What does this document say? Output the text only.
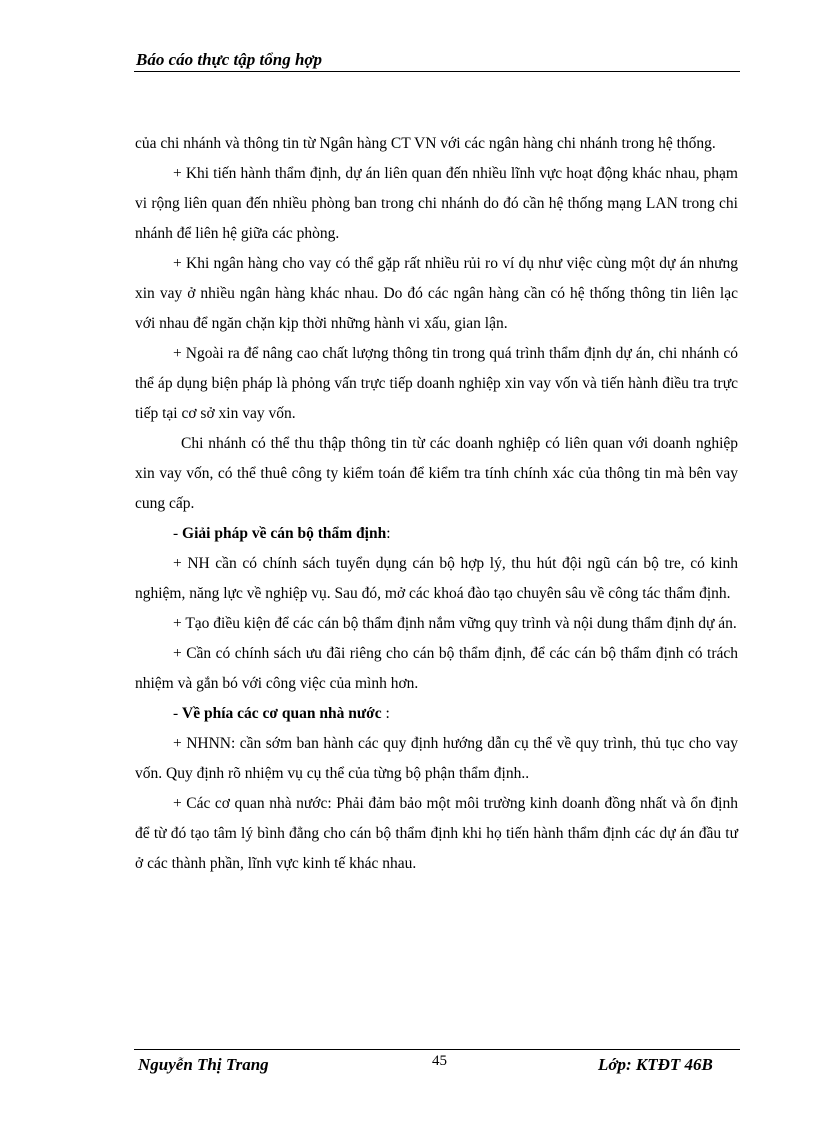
Báo cáo thực tập tổng hợp

của chi nhánh và thông tin từ Ngân hàng CT VN với các ngân hàng chi nhánh trong hệ thống.

+ Khi tiến hành thẩm định, dự án liên quan đến nhiều lĩnh vực hoạt động khác nhau, phạm vi rộng liên quan đến nhiều phòng ban trong chi nhánh do đó cần hệ thống mạng LAN trong chi nhánh để liên hệ giữa các phòng.

+ Khi ngân hàng cho vay có thể gặp rất nhiều rủi ro ví dụ như việc cùng một dự án nhưng xin vay ở nhiều ngân hàng khác nhau. Do đó các ngân hàng cần có hệ thống thông tin liên lạc với nhau để ngăn chặn kịp thời những hành vi xấu, gian lận.

+ Ngoài ra để nâng cao chất lượng thông tin trong quá trình thẩm định dự án, chi nhánh có thể áp dụng biện pháp là phỏng vấn trực tiếp doanh nghiệp xin vay vốn và tiến hành điều tra trực tiếp tại cơ sở xin vay vốn.

Chi nhánh có thể thu thập thông tin từ các doanh nghiệp có liên quan với doanh nghiệp xin vay vốn, có thể thuê công ty kiểm toán để kiểm tra tính chính xác của thông tin mà bên vay cung cấp.

- Giải pháp về cán bộ thẩm định:

+ NH cần có chính sách tuyển dụng cán bộ hợp lý, thu hút đội ngũ cán bộ tre, có kinh nghiệm, năng lực về nghiệp vụ. Sau đó, mở các khoá đào tạo chuyên sâu về công tác thẩm định.

+ Tạo điều kiện để các cán bộ thẩm định nắm vững quy trình và nội dung thẩm định dự án.

+ Cần có chính sách ưu đãi riêng cho cán bộ thẩm định, để các cán bộ thẩm định có trách nhiệm và gắn bó với công việc của mình hơn.

- Về phía các cơ quan nhà nước :

+ NHNN: cần sớm ban hành các quy định hướng dẫn cụ thể về quy trình, thủ tục cho vay vốn. Quy định rõ nhiệm vụ cụ thể của từng bộ phận thẩm định..

+ Các cơ quan nhà nước: Phải đảm bảo một môi trường kinh doanh đồng nhất và ổn định để từ đó tạo tâm lý bình đẳng cho cán bộ thẩm định khi họ tiến hành thẩm định các dự án đầu tư ở các thành phần, lĩnh vực kinh tế khác nhau.

Nguyễn Thị Trang	45	Lớp: KTĐT 46B
